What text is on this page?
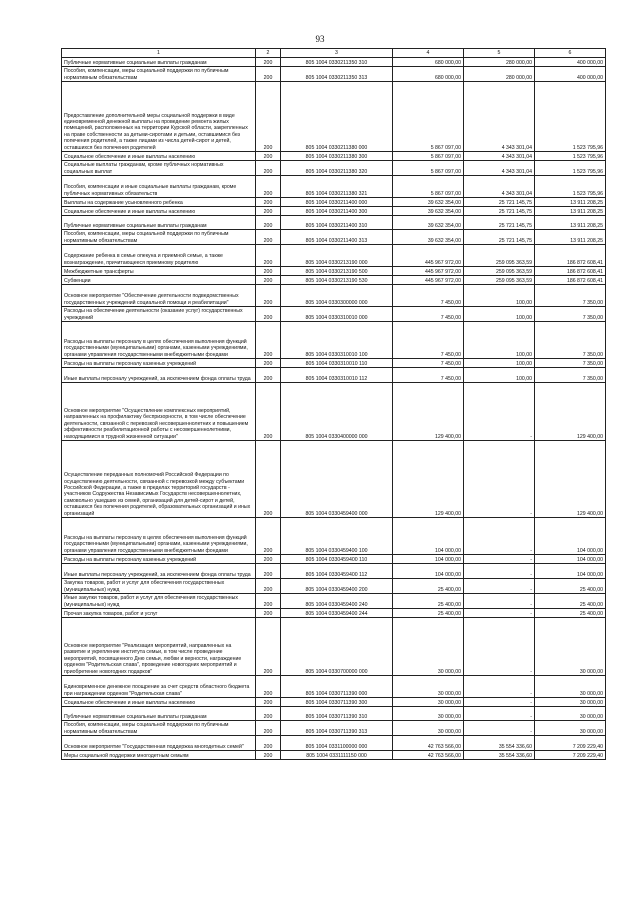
93
1	2	3	4	5	6
Публичные нормативные социальные выплаты гражданам	200	805 1004 0330211350 310	680 000,00	280 000,00	400 000,00
Пособия, компенсации, меры социальной поддержки по публичным нормативным обязательствам	200	805 1004 0330211350 313	680 000,00	280 000,00	400 000,00
Предоставление дополнительной меры социальной поддержки в виде единовременной денежной выплаты на проведение ремонта жилых помещений, расположенных на территории Курской области, закрепленных на праве собственности за детьми-сиротами и детьми, оставшимися без попечения родителей, а также лицами из числа детей-сирот и детей, оставшихся без попечения родителей	200	805 1004 0330211380 000	5 867 097,00	4 343 301,04	1 523 795,96
Социальное обеспечение и иные выплаты населению	200	805 1004 0330211380 300	5 867 097,00	4 343 301,04	1 523 795,96
Социальные выплаты гражданам, кроме публичных нормативных социальных выплат	200	805 1004 0330211380 320	5 867 097,00	4 343 301,04	1 523 795,96
Пособия, компенсации и иные социальные выплаты гражданам, кроме публичных нормативных обязательств	200	805 1004 0330211380 321	5 867 097,00	4 343 301,04	1 523 795,96
Выплаты на содержание усыновленного ребенка	200	805 1004 0330211400 000	39 632 354,00	25 721 145,75	13 911 208,25
Социальное обеспечение и иные выплаты населению	200	805 1004 0330211400 300	39 632 354,00	25 721 145,75	13 911 208,25
Публичные нормативные социальные выплаты гражданам	200	805 1004 0330211400 310	39 632 354,00	25 721 145,75	13 911 208,25
Пособия, компенсации, меры социальной поддержки по публичным нормативным обязательствам	200	805 1004 0330211400 313	39 632 354,00	25 721 145,75	13 911 208,25
Содержание ребенка в семье опекуна и приемной семье, а также вознаграждение, причитающееся приемному родителю	200	805 1004 0330213190 000	445 967 972,00	259 095 363,59	186 872 608,41
Межбюджетные трансферты	200	805 1004 0330213190 500	445 967 972,00	259 095 363,59	186 872 608,41
Субвенции	200	805 1004 0330213190 530	445 967 972,00	259 095 363,59	186 872 608,41
Основное мероприятие "Обеспечение деятельности подведомственных государственных учреждений социальной помощи и реабилитации"	200	805 1004 0330300000 000	7 450,00	100,00	7 350,00
Расходы на обеспечение деятельности (оказание услуг) государственных учреждений	200	805 1004 0330310010 000	7 450,00	100,00	7 350,00
Расходы на выплаты персоналу в целях обеспечения выполнения функций государственными (муниципальными) органами, казенными учреждениями, органами управления государственными внебюджетными фондами	200	805 1004 0330310010 100	7 450,00	100,00	7 350,00
Расходы на выплаты персоналу казенных учреждений	200	805 1004 0330310010 110	7 450,00	100,00	7 350,00
Иные выплаты персоналу учреждений, за исключением фонда оплаты труда	200	805 1004 0330310010 112	7 450,00	100,00	7 350,00
Основное мероприятие "Осуществление комплексных мероприятий, направленных на профилактику беспризорности, в том числе обеспечение деятельности, связанной с перевозкой несовершеннолетних и повышением эффективности реабилитационной работы с несовершеннолетними, находящимися в трудной жизненной ситуации"	200	805 1004 0330400000 000	129 400,00	-	129 400,00
Осуществление переданных полномочий Российской Федерации по осуществлению деятельности, связанной с перевозкой между субъектами Российской Федерации, а также в пределах территорий государств - участников Содружества Независимых Государств несовершеннолетних, самовольно ушедших из семей, организаций для детей-сирот и детей, оставшихся без попечения родителей, образовательных организаций и иных организаций	200	805 1004 0330459400 000	129 400,00	-	129 400,00
Расходы на выплаты персоналу в целях обеспечения выполнения функций государственными (муниципальными) органами, казенными учреждениями, органами управления государственными внебюджетными фондами	200	805 1004 0330459400 100	104 000,00	-	104 000,00
Расходы на выплаты персоналу казенных учреждений	200	805 1004 0330459400 110	104 000,00	-	104 000,00
Иные выплаты персоналу учреждений, за исключением фонда оплаты труда	200	805 1004 0330459400 112	104 000,00	-	104 000,00
Закупка товаров, работ и услуг для обеспечения государственных (муниципальных) нужд	200	805 1004 0330459400 200	25 400,00	-	25 400,00
Иные закупки товаров, работ и услуг для обеспечения государственных (муниципальных) нужд	200	805 1004 0330459400 240	25 400,00	-	25 400,00
Прочая закупка товаров, работ и услуг	200	805 1004 0330459400 244	25 400,00	-	25 400,00
Основное мероприятие "Реализация мероприятий, направленных на развитие и укрепление института семьи, в том числе проведение мероприятий, посвященного Дню семьи, любви и верности, награждение орденом "Родительская слава", проведение новогодних мероприятий и приобретение новогодних подарков"	200	805 1004 0330700000 000	30 000,00	-	30 000,00
Единовременное денежное поощрение за счет средств областного бюджета при награждении орденом "Родительская слава"	200	805 1004 0330711390 000	30 000,00	-	30 000,00
Социальное обеспечение и иные выплаты населению	200	805 1004 0330711390 300	30 000,00	-	30 000,00
Публичные нормативные социальные выплаты гражданам	200	805 1004 0330711390 310	30 000,00	-	30 000,00
Пособия, компенсации, меры социальной поддержки по публичным нормативным обязательствам	200	805 1004 0330711390 313	30 000,00	-	30 000,00
Основное мероприятие "Государственная поддержка многодетных семей"	200	805 1004 0331100000 000	42 763 566,00	35 554 336,60	7 209 229,40
Меры социальной поддержки многодетным семьям	200	805 1004 0331111150 000	42 763 566,00	35 554 336,60	7 209 229,40
